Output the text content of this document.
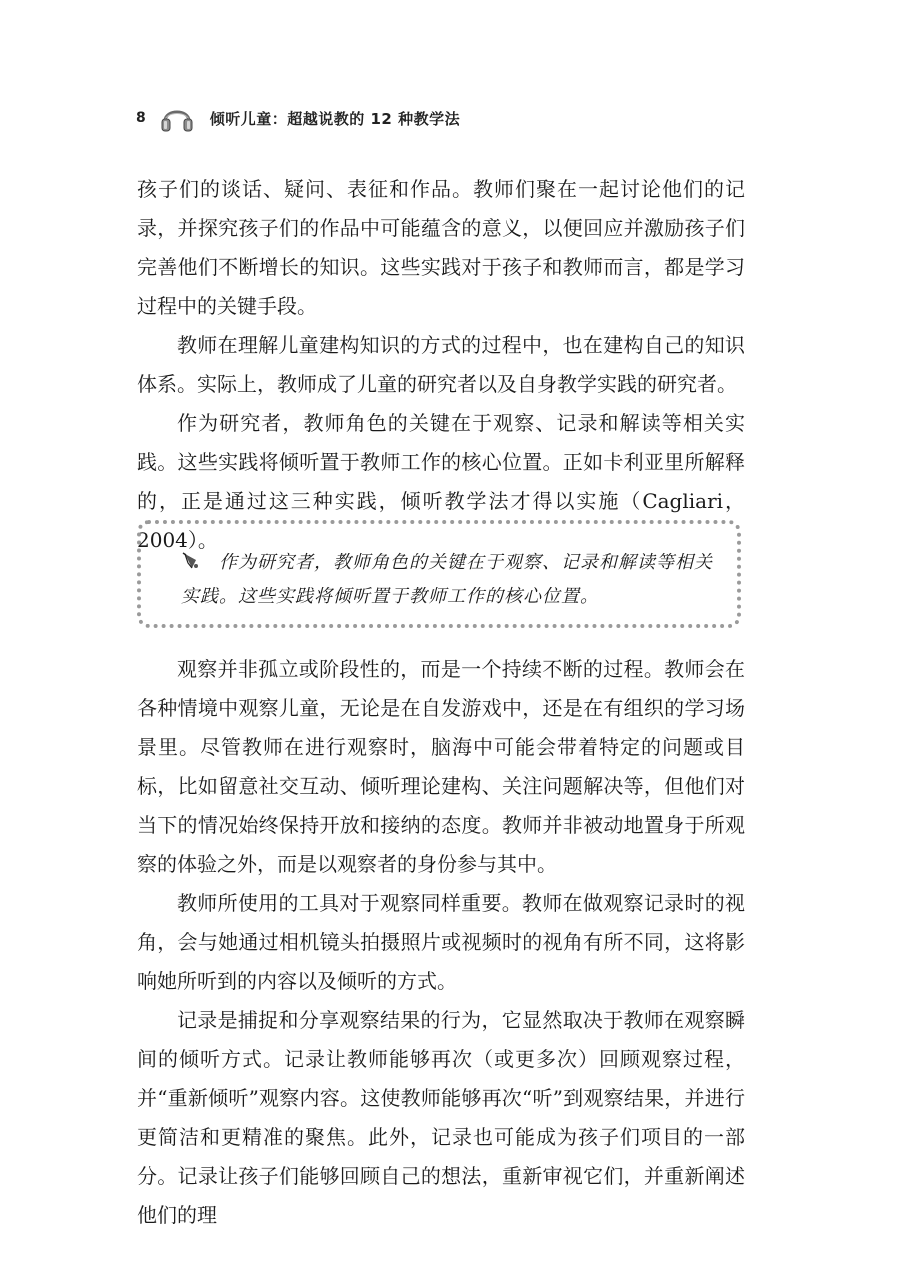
8	倾听儿童：超越说教的 12 种教学法

孩子们的谈话、疑问、表征和作品。教师们聚在一起讨论他们的记录，并探究孩子们的作品中可能蕴含的意义，以便回应并激励孩子们完善他们不断增长的知识。这些实践对于孩子和教师而言，都是学习过程中的关键手段。

教师在理解儿童建构知识的方式的过程中，也在建构自己的知识体系。实际上，教师成了儿童的研究者以及自身教学实践的研究者。

作为研究者，教师角色的关键在于观察、记录和解读等相关实践。这些实践将倾听置于教师工作的核心位置。正如卡利亚里所解释的，正是通过这三种实践，倾听教学法才得以实施（Cagliari，2004）。

作为研究者，教师角色的关键在于观察、记录和解读等相关实践。这些实践将倾听置于教师工作的核心位置。

观察并非孤立或阶段性的，而是一个持续不断的过程。教师会在各种情境中观察儿童，无论是在自发游戏中，还是在有组织的学习场景里。尽管教师在进行观察时，脑海中可能会带着特定的问题或目标，比如留意社交互动、倾听理论建构、关注问题解决等，但他们对当下的情况始终保持开放和接纳的态度。教师并非被动地置身于所观察的体验之外，而是以观察者的身份参与其中。

教师所使用的工具对于观察同样重要。教师在做观察记录时的视角，会与她通过相机镜头拍摄照片或视频时的视角有所不同，这将影响她所听到的内容以及倾听的方式。

记录是捕捉和分享观察结果的行为，它显然取决于教师在观察瞬间的倾听方式。记录让教师能够再次（或更多次）回顾观察过程，并“重新倾听”观察内容。这使教师能够再次“听”到观察结果，并进行更简洁和更精准的聚焦。此外，记录也可能成为孩子们项目的一部分。记录让孩子们能够回顾自己的想法，重新审视它们，并重新阐述他们的理
